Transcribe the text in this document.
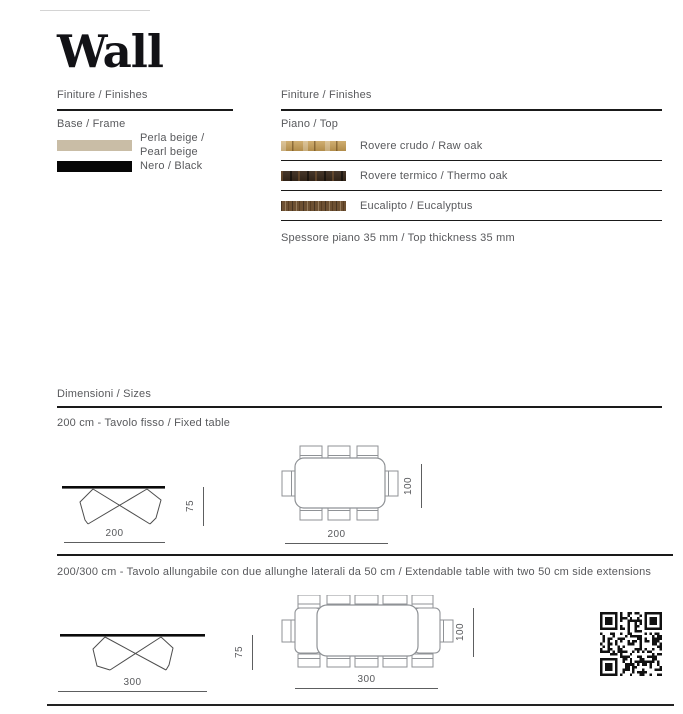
Wall
Finiture / Finishes
Base / Frame
Perla beige / Pearl beige
Nero / Black
Finiture / Finishes
Piano / Top
Rovere crudo / Raw oak
Rovere termico / Thermo oak
Eucalipto / Eucalyptus
Spessore piano 35 mm / Top thickness 35 mm
Dimensioni / Sizes
200 cm - Tavolo fisso / Fixed table
200
75
200
100
200/300 cm - Tavolo allungabile con due allunghe laterali da 50 cm / Extendable table with two 50 cm side extensions
300
75
300
100
